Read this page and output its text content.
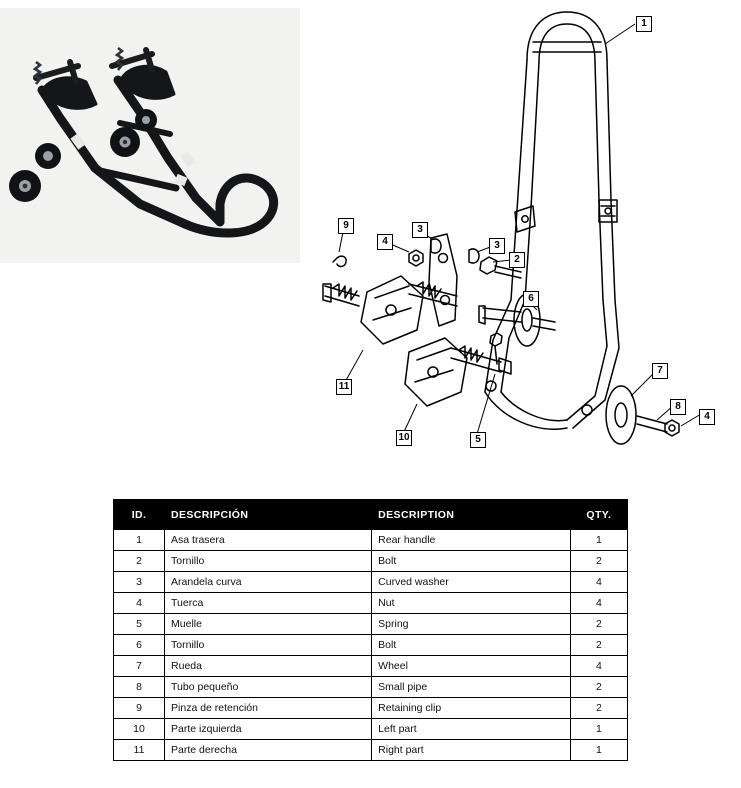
1
9
4
3
3
2
6
11
10	5
7
8
4
ID.	DESCRIPCIÓN	DESCRIPTION	QTY.
1	Asa trasera	Rear handle	1
2	Tornillo	Bolt	2
3	Arandela curva	Curved washer	4
4	Tuerca	Nut	4
5	Muelle	Spring	2
6	Tornillo	Bolt	2
7	Rueda	Wheel	4
8	Tubo pequeño	Small pipe	2
9	Pinza de retención	Retaining clip	2
10	Parte izquierda	Left part	1
11	Parte derecha	Right part	1
